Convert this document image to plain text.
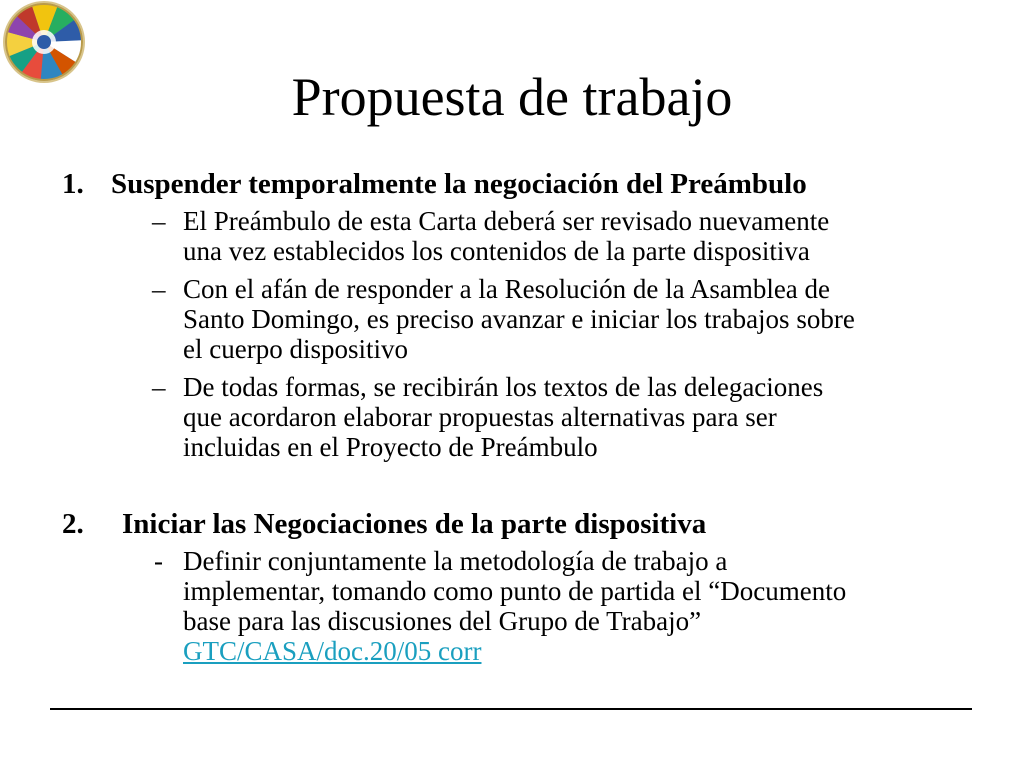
Propuesta de trabajo
1. Suspender temporalmente la negociación del Preámbulo
– El Preámbulo de esta Carta deberá ser revisado nuevamente
una vez establecidos los contenidos de la parte dispositiva
– Con el afán de responder a la Resolución de la Asamblea de
Santo Domingo, es preciso avanzar e iniciar los trabajos sobre
el cuerpo dispositivo
– De todas formas, se recibirán los textos de las delegaciones
que acordaron elaborar propuestas alternativas para ser
incluidas en el Proyecto de Preámbulo
2. Iniciar las Negociaciones de la parte dispositiva
- Definir conjuntamente la metodología de trabajo a
implementar, tomando como punto de partida el “Documento
base para las discusiones del Grupo de Trabajo”
GTC/CASA/doc.20/05 corr
